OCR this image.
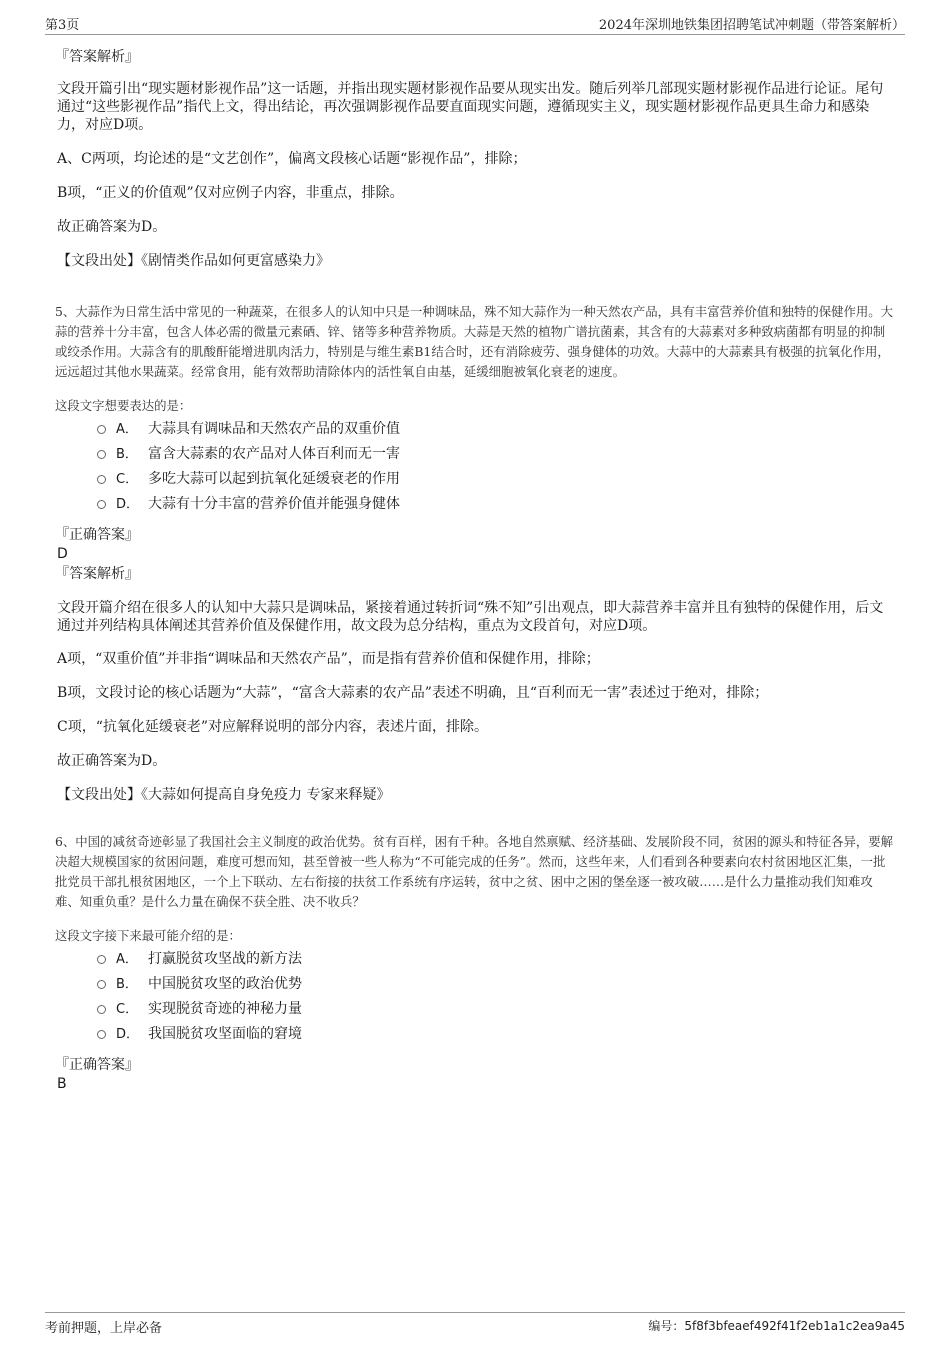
第3页	2024年深圳地铁集团招聘笔试冲刺题（带答案解析）
『答案解析』

文段开篇引出“现实题材影视作品”这一话题，并指出现实题材影视作品要从现实出发。随后列举几部现实题材影视作品进行论证。尾句通过“这些影视作品”指代上文，得出结论，再次强调影视作品要直面现实问题，遵循现实主义，现实题材影视作品更具生命力和感染力，对应D项。

A、C两项，均论述的是“文艺创作”，偏离文段核心话题“影视作品”，排除；

B项，“正义的价值观”仅对应例子内容，非重点，排除。

故正确答案为D。

【文段出处】《剧情类作品如何更富感染力》

5、大蒜作为日常生活中常见的一种蔬菜，在很多人的认知中只是一种调味品，殊不知大蒜作为一种天然农产品，具有丰富营养价值和独特的保健作用。大蒜的营养十分丰富，包含人体必需的微量元素硒、锌、锗等多种营养物质。大蒜是天然的植物广谱抗菌素，其含有的大蒜素对多种致病菌都有明显的抑制或绞杀作用。大蒜含有的肌酸酐能增进肌肉活力，特别是与维生素B1结合时，还有消除疲劳、强身健体的功效。大蒜中的大蒜素具有极强的抗氧化作用，远远超过其他水果蔬菜。经常食用，能有效帮助清除体内的活性氧自由基，延缓细胞被氧化衰老的速度。

这段文字想要表达的是：

A． 大蒜具有调味品和天然农产品的双重价值
B． 富含大蒜素的农产品对人体百利而无一害
C． 多吃大蒜可以起到抗氧化延缓衰老的作用
D． 大蒜有十分丰富的营养价值并能强身健体
『正确答案』
D
『答案解析』

文段开篇介绍在很多人的认知中大蒜只是调味品，紧接着通过转折词“殊不知”引出观点，即大蒜营养丰富并且有独特的保健作用，后文通过并列结构具体阐述其营养价值及保健作用，故文段为总分结构，重点为文段首句，对应D项。

A项，“双重价值”并非指“调味品和天然农产品”，而是指有营养价值和保健作用，排除；

B项，文段讨论的核心话题为“大蒜”，“富含大蒜素的农产品”表述不明确，且“百利而无一害”表述过于绝对，排除；

C项，“抗氧化延缓衰老”对应解释说明的部分内容，表述片面，排除。

故正确答案为D。

【文段出处】《大蒜如何提高自身免疫力 专家来释疑》

6、中国的减贫奇迹彰显了我国社会主义制度的政治优势。贫有百样，困有千种。各地自然禀赋、经济基础、发展阶段不同，贫困的源头和特征各异，要解决超大规模国家的贫困问题，难度可想而知，甚至曾被一些人称为“不可能完成的任务”。然而，这些年来，人们看到各种要素向农村贫困地区汇集，一批批党员干部扎根贫困地区，一个上下联动、左右衔接的扶贫工作系统有序运转，贫中之贫、困中之困的堡垒逐一被攻破……是什么力量推动我们知难攻难、知重负重？是什么力量在确保不获全胜、决不收兵？

这段文字接下来最可能介绍的是：

A． 打赢脱贫攻坚战的新方法
B． 中国脱贫攻坚的政治优势
C． 实现脱贫奇迹的神秘力量
D． 我国脱贫攻坚面临的窘境
『正确答案』
B
考前押题，上岸必备	编号：5f8f3bfeaef492f41f2eb1a1c2ea9a45
